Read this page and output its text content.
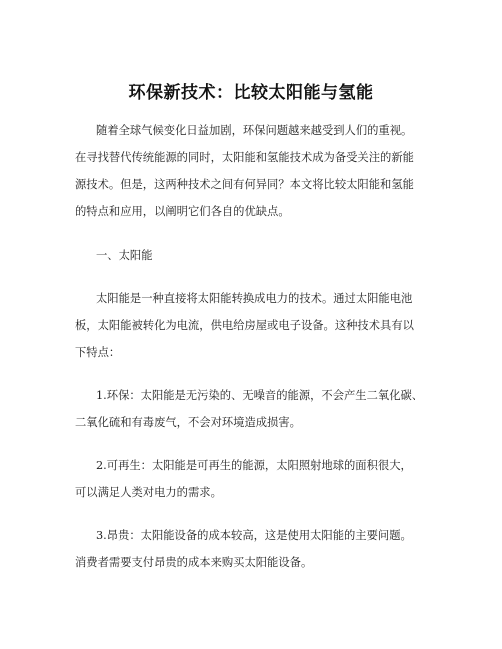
环保新技术：比较太阳能与氢能
随着全球气候变化日益加剧，环保问题越来越受到人们的重视。
在寻找替代传统能源的同时，太阳能和氢能技术成为备受关注的新能
源技术。但是，这两种技术之间有何异同？本文将比较太阳能和氢能
的特点和应用，以阐明它们各自的优缺点。
一、太阳能
太阳能是一种直接将太阳能转换成电力的技术。通过太阳能电池
板，太阳能被转化为电流，供电给房屋或电子设备。这种技术具有以
下特点：
1.环保：太阳能是无污染的、无噪音的能源，不会产生二氧化碳、
二氧化硫和有毒废气，不会对环境造成损害。
2.可再生：太阳能是可再生的能源，太阳照射地球的面积很大，
可以满足人类对电力的需求。
3.昂贵：太阳能设备的成本较高，这是使用太阳能的主要问题。
消费者需要支付昂贵的成本来购买太阳能设备。
